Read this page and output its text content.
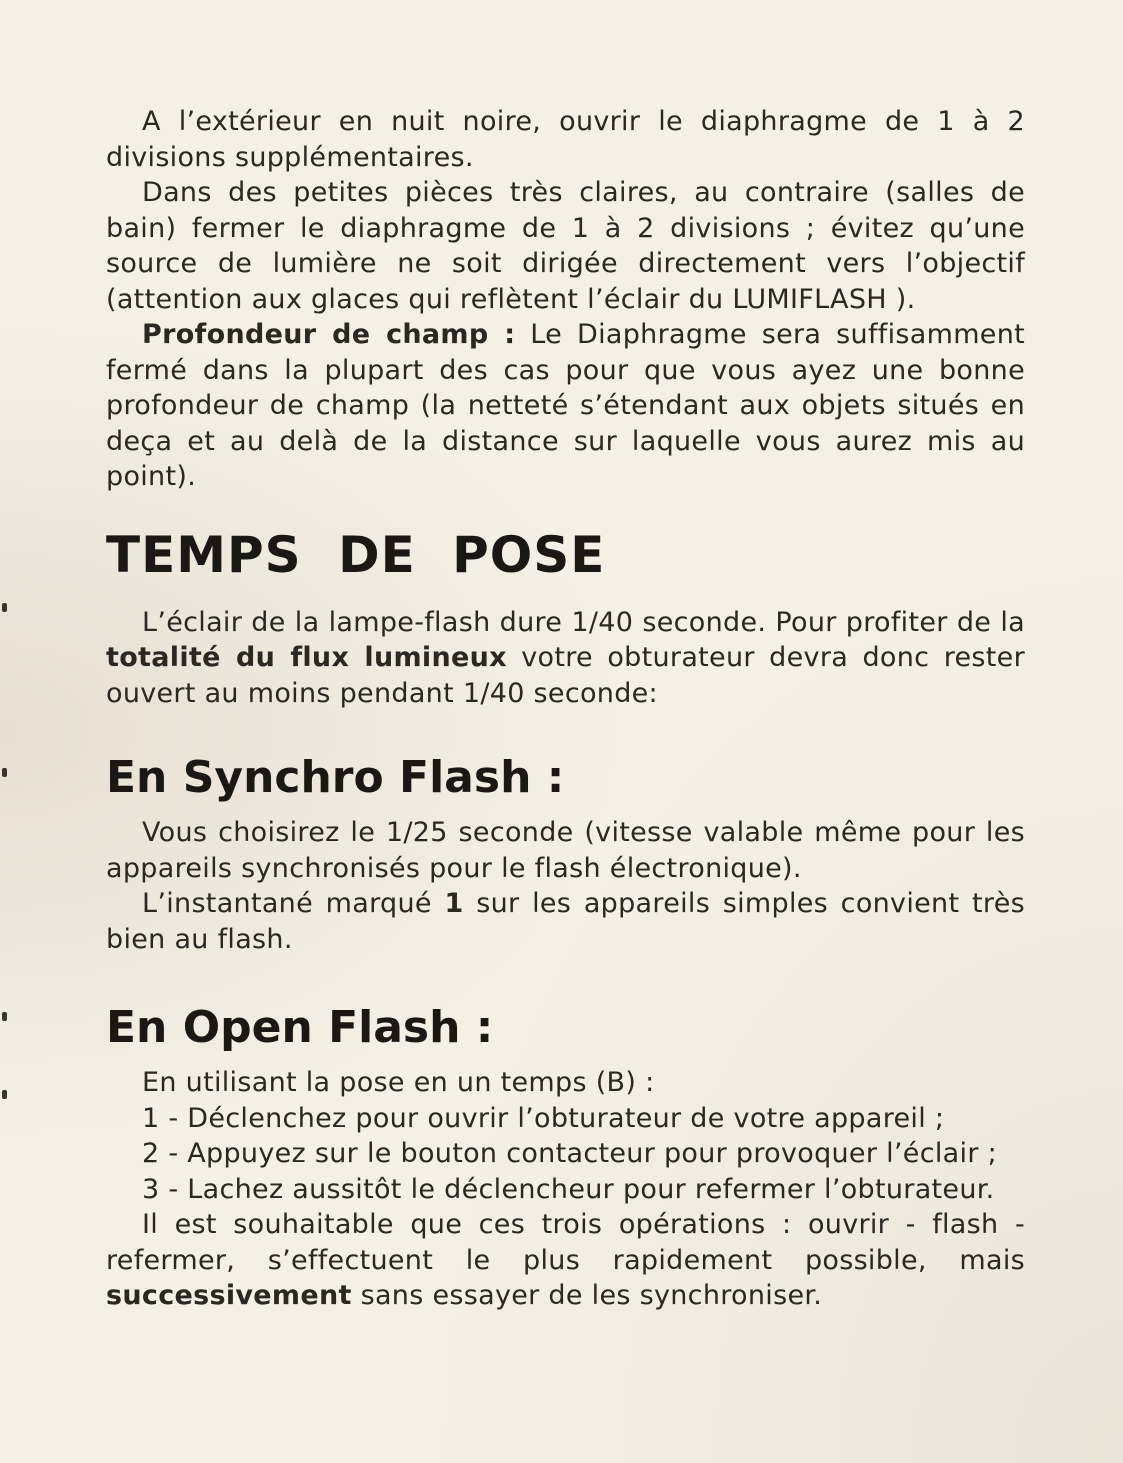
A l’extérieur en nuit noire, ouvrir le diaphragme de 1 à 2 divisions supplémentaires.

Dans des petites pièces très claires, au contraire (salles de bain) fermer le diaphragme de 1 à 2 divisions ; évitez qu’une source de lumière ne soit dirigée directement vers l’objectif (attention aux glaces qui reflètent l’éclair du LUMIFLASH ).

Profondeur de champ : Le Diaphragme sera suffisamment fermé dans la plupart des cas pour que vous ayez une bonne profondeur de champ (la netteté s’étendant aux objets situés en deça et au delà de la distance sur laquelle vous aurez mis au point).

TEMPS DE POSE

L’éclair de la lampe-flash dure 1/40 seconde. Pour profiter de la totalité du flux lumineux votre obturateur devra donc rester ouvert au moins pendant 1/40 seconde:

En Synchro Flash :

Vous choisirez le 1/25 seconde (vitesse valable même pour les appareils synchronisés pour le flash électronique).

L’instantané marqué 1 sur les appareils simples convient très bien au flash.

En Open Flash :

En utilisant la pose en un temps (B) :

1 - Déclenchez pour ouvrir l’obturateur de votre appareil ;

2 - Appuyez sur le bouton contacteur pour provoquer l’éclair ;

3 - Lachez aussitôt le déclencheur pour refermer l’obturateur.

Il est souhaitable que ces trois opérations : ouvrir - flash - refermer, s’effectuent le plus rapidement possible, mais successivement sans essayer de les synchroniser.
